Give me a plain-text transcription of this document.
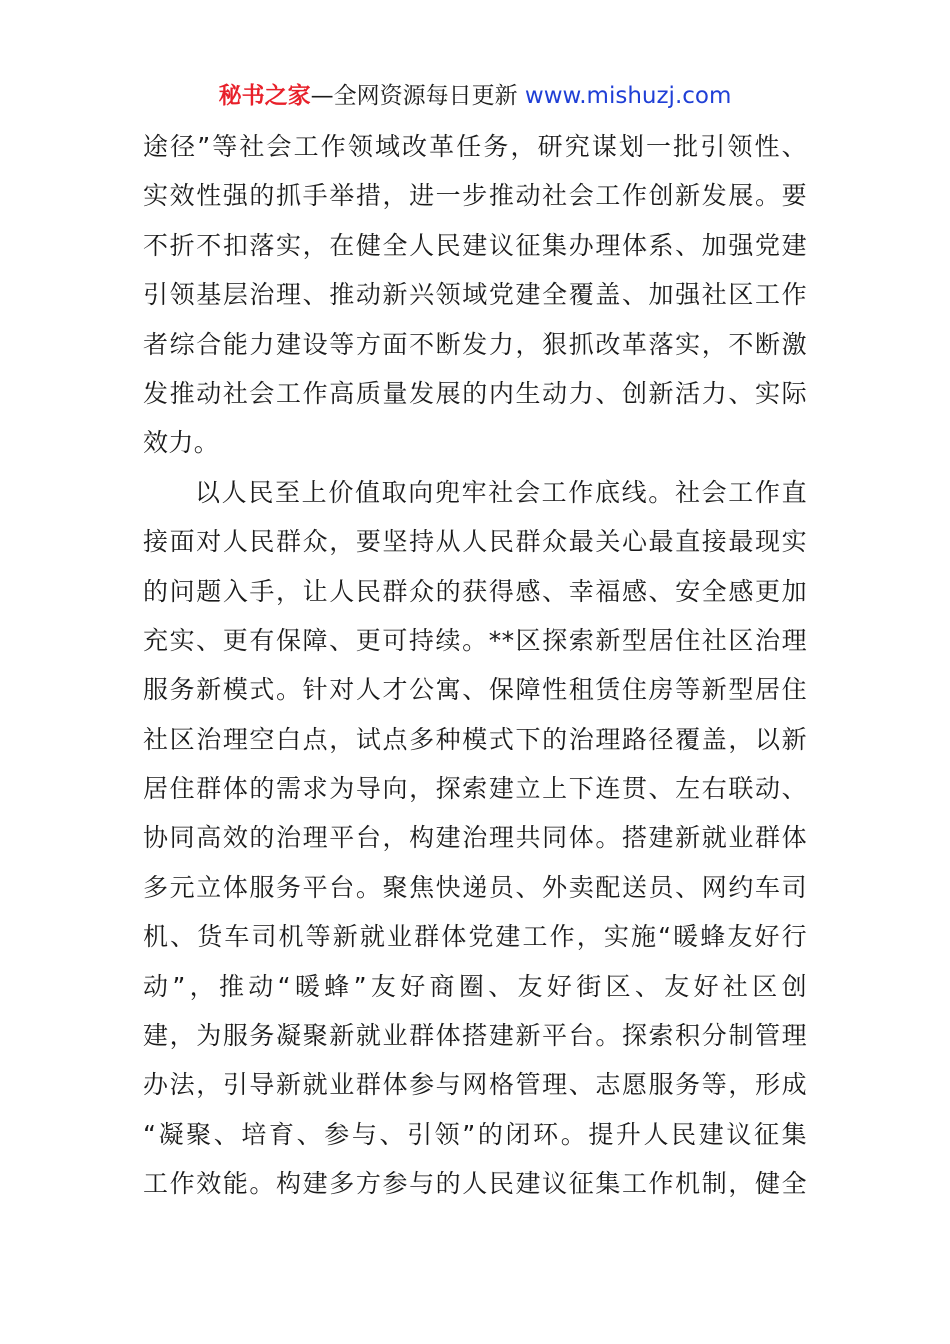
秘书之家—全网资源每日更新 www.mishuzj.com
途径”等社会工作领域改革任务，研究谋划一批引领性、
实效性强的抓手举措，进一步推动社会工作创新发展。要
不折不扣落实，在健全人民建议征集办理体系、加强党建
引领基层治理、推动新兴领域党建全覆盖、加强社区工作
者综合能力建设等方面不断发力，狠抓改革落实，不断激
发推动社会工作高质量发展的内生动力、创新活力、实际
效力。
以人民至上价值取向兜牢社会工作底线。社会工作直
接面对人民群众，要坚持从人民群众最关心最直接最现实
的问题入手，让人民群众的获得感、幸福感、安全感更加
充实、更有保障、更可持续。**区探索新型居住社区治理
服务新模式。针对人才公寓、保障性租赁住房等新型居住
社区治理空白点，试点多种模式下的治理路径覆盖，以新
居住群体的需求为导向，探索建立上下连贯、左右联动、
协同高效的治理平台，构建治理共同体。搭建新就业群体
多元立体服务平台。聚焦快递员、外卖配送员、网约车司
机、货车司机等新就业群体党建工作，实施“暖蜂友好行
动”，推动“暖蜂”友好商圈、友好街区、友好社区创
建，为服务凝聚新就业群体搭建新平台。探索积分制管理
办法，引导新就业群体参与网格管理、志愿服务等，形成
“凝聚、培育、参与、引领”的闭环。提升人民建议征集
工作效能。构建多方参与的人民建议征集工作机制，健全
